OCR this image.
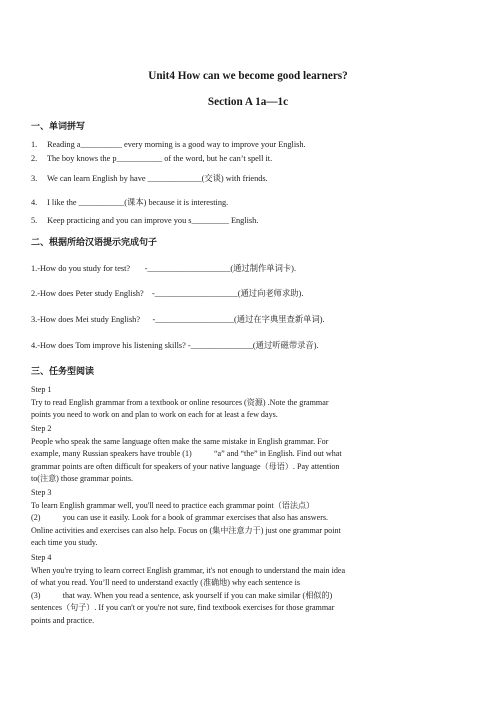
Unit4 How can we become good learners?
Section A 1a—1c
一、单词拼写
1. Reading a__________ every morning is a good way to improve your English.
2. The boy knows the p___________ of the word, but he can’t spell it.
3. We can learn English by have _____________(交谈) with friends.
4. I like the ___________(课本) because it is interesting.
5. Keep practicing and you can improve you s_________ English.
二、根据所给汉语提示完成句子
1.-How do you study for test?       -____________________(通过制作单词卡).
2.-How does Peter study English?    -____________________(通过向老师求助).
3.-How does Mei study English?      -___________________(通过在字典里查新单词).
4.-How does Tom improve his listening skills? -_______________(通过听磁带录音).
三、任务型阅读
Step 1
Try to read English grammar from a textbook or online resources (资源) .Note the grammar
points you need to work on and plan to work on each for at least a few days.
Step 2
People who speak the same language often make the same mistake in English grammar. For
example, many Russian speakers have trouble (1)           “a” and “the” in English. Find out what
grammar points are often difficult for speakers of your native language（母语）. Pay attention
to(注意) those grammar points.
Step 3
To learn English grammar well, you'll need to practice each grammar point（语法点）
(2)           you can use it easily. Look for a book of grammar exercises that also has answers.
Online activities and exercises can also help. Focus on (集中注意力于) just one grammar point
each time you study.
Step 4
When you're trying to learn correct English grammar, it's not enough to understand the main idea
of what you read. You’ll need to understand exactly (准确地) why each sentence is
(3)           that way. When you read a sentence, ask yourself if you can make similar (相似的)
sentences（句子）. If you can't or you're not sure, find textbook exercises for those grammar
points and practice.
